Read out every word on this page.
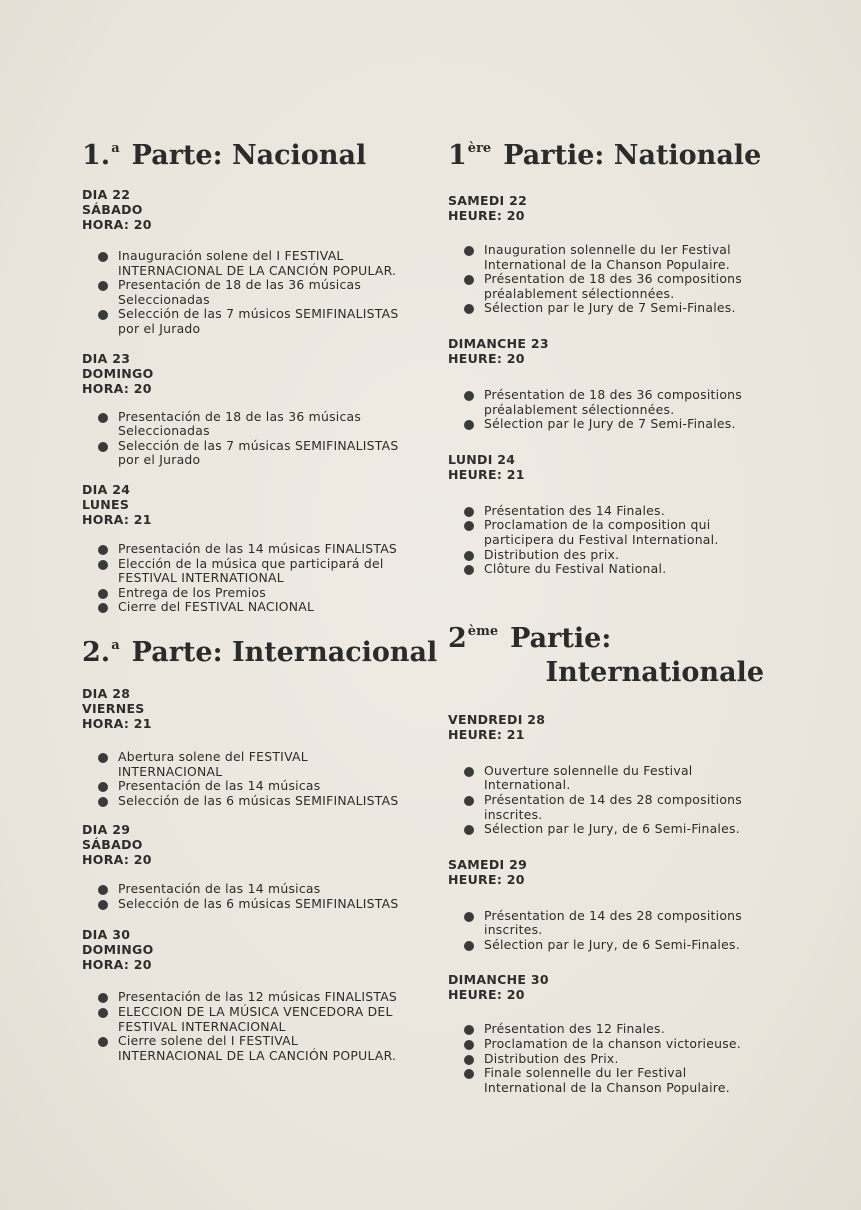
1.$^a$ Parte: Nacional
DIA 22
SÁBADO
HORA: 20
Inauguración solene del I FESTIVAL INTERNACIONAL DE LA CANCIÓN POPULAR.
Presentación de 18 de las 36 músicas Seleccionadas
Selección de las 7 músicos SEMIFINALISTAS por el Jurado
DIA 23
DOMINGO
HORA: 20
Presentación de 18 de las 36 músicas Seleccionadas
Selección de las 7 músicas SEMIFINALISTAS por el Jurado
DIA 24
LUNES
HORA: 21
Presentación de las 14 músicas FINALISTAS
Elección de la música que participará del FESTIVAL INTERNATIONAL
Entrega de los Premios
Cierre del FESTIVAL NACIONAL
2.$^a$ Parte: Internacional
DIA 28
VIERNES
HORA: 21
Abertura solene del FESTIVAL INTERNACIONAL
Presentación de las 14 músicas
Selección de las 6 músicas SEMIFINALISTAS
DIA 29
SÁBADO
HORA: 20
Presentación de las 14 músicas
Selección de las 6 músicas SEMIFINALISTAS
DIA 30
DOMINGO
HORA: 20
Presentación de las 12 músicas FINALISTAS
ELECCION DE LA MÚSICA VENCEDORA DEL FESTIVAL INTERNACIONAL
Cierre solene del I FESTIVAL INTERNACIONAL DE LA CANCIÓN POPULAR.
1ère Partie: Nationale
SAMEDI 22
HEURE: 20
Inauguration solennelle du Ier Festival International de la Chanson Populaire.
Présentation de 18 des 36 compositions préalablement sélectionnées.
Sélection par le Jury de 7 Semi-Finales.
DIMANCHE 23
HEURE: 20
Présentation de 18 des 36 compositions préalablement sélectionnées.
Sélection par le Jury de 7 Semi-Finales.
LUNDI 24
HEURE: 21
Présentation des 14 Finales.
Proclamation de la composition qui participera du Festival International.
Distribution des prix.
Clôture du Festival National.
2ème Partie:
Internationale
VENDREDI 28
HEURE: 21
Ouverture solennelle du Festival International.
Présentation de 14 des 28 compositions inscrites.
Sélection par le Jury, de 6 Semi-Finales.
SAMEDI 29
HEURE: 20
Présentation de 14 des 28 compositions inscrites.
Sélection par le Jury, de 6 Semi-Finales.
DIMANCHE 30
HEURE: 20
Présentation des 12 Finales.
Proclamation de la chanson victorieuse.
Distribution des Prix.
Finale solennelle du Ier Festival International de la Chanson Populaire.
